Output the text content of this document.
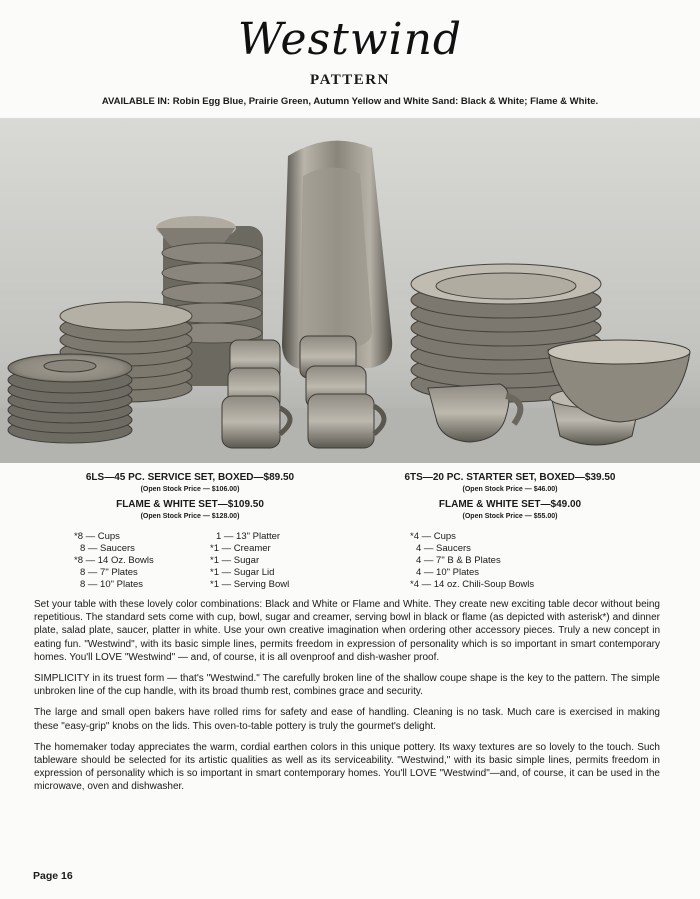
Westwind
PATTERN
AVAILABLE IN: Robin Egg Blue, Prairie Green, Autumn Yellow and White Sand: Black & White; Flame & White.
6LS—45 PC. SERVICE SET, BOXED—$89.50
(Open Stock Price — $106.00)
FLAME & WHITE SET—$109.50
(Open Stock Price — $128.00)
*8 — Cups
8 — Saucers
*8 — 14 Oz. Bowls
8 — 7" Plates
8 — 10" Plates
1 — 13" Platter
*1 — Creamer
*1 — Sugar
*1 — Sugar Lid
*1 — Serving Bowl
6TS—20 PC. STARTER SET, BOXED—$39.50
(Open Stock Price — $46.00)
FLAME & WHITE SET—$49.00
(Open Stock Price — $55.00)
*4 — Cups
4 — Saucers
4 — 7" B & B Plates
4 — 10" Plates
*4 — 14 oz. Chili-Soup Bowls

Set your table with these lovely color combinations: Black and White or Flame and White. They create new exciting table decor without being repetitious. The standard sets come with cup, bowl, sugar and creamer, serving bowl in black or flame (as depicted with asterisk*) and dinner plate, salad plate, saucer, platter in white. Use your own creative imagination when ordering other accessory pieces. Truly a new concept in eating fun. "Westwind", with its basic simple lines, permits freedom in expression of personality which is so important in smart contemporary homes. You'll LOVE "Westwind" — and, of course, it is all ovenproof and dish-washer proof.

SIMPLICITY in its truest form — that's "Westwind." The carefully broken line of the shallow coupe shape is the key to the pattern. The simple unbroken line of the cup handle, with its broad thumb rest, combines grace and security.

The large and small open bakers have rolled rims for safety and ease of handling. Cleaning is no task. Much care is exercised in making these "easy-grip" knobs on the lids. This oven-to-table pottery is truly the gourmet's delight.

The homemaker today appreciates the warm, cordial earthen colors in this unique pottery. Its waxy textures are so lovely to the touch. Such tableware should be selected for its artistic qualities as well as its serviceability. "Westwind," with its basic simple lines, permits freedom in expression of personality which is so important in smart contemporary homes. You'll LOVE "Westwind"—and, of course, it can be used in the microwave, oven and dishwasher.

Page 16
